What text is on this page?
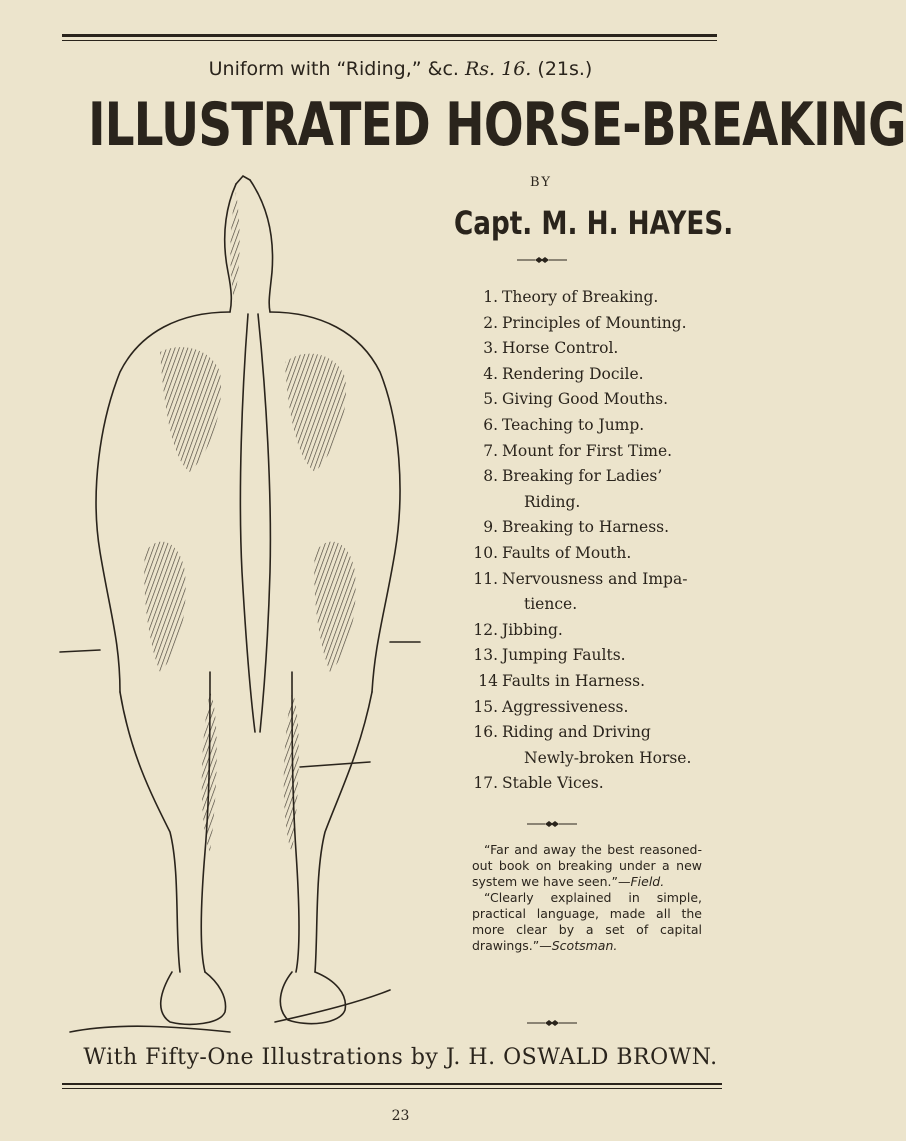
Uniform with “Riding,” &c. Rs. 16. (21s.)
ILLUSTRATED HORSE-BREAKING
BY
Capt. M. H. HAYES.
1. Theory of Breaking.
2. Principles of Mounting.
3. Horse Control.
4. Rendering Docile.
5. Giving Good Mouths.
6. Teaching to Jump.
7. Mount for First Time.
8. Breaking for Ladies’
Riding.
9. Breaking to Harness.
10. Faults of Mouth.
11. Nervousness and Impa-
tience.
12. Jibbing.
13. Jumping Faults.
14 Faults in Harness.
15. Aggressiveness.
16. Riding and Driving
Newly-broken Horse.
17. Stable Vices.

“Far and away the best reasoned-out book on breaking under a new system we have seen.”—Field.

“Clearly explained in simple, practical language, made all the more clear by a set of capital drawings.”—Scotsman.

With Fifty-One Illustrations by J. H. OSWALD BROWN.
23
